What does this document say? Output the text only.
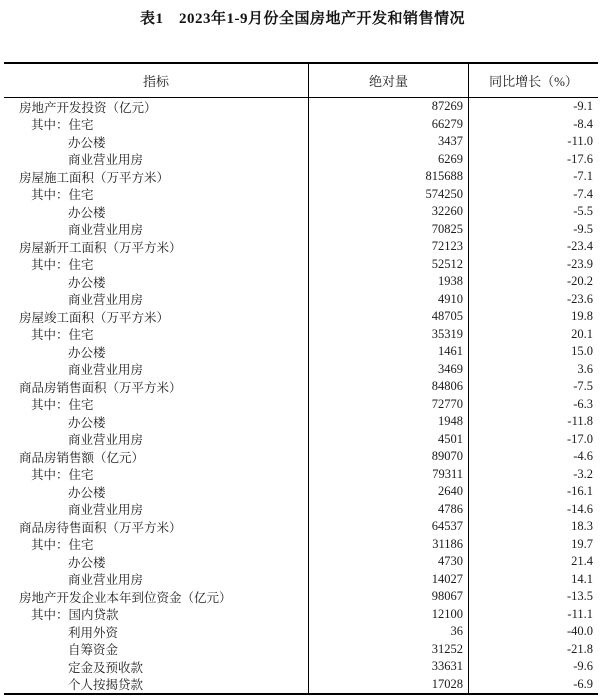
表1　2023年1-9月份全国房地产开发和销售情况
指标	绝对量	同比增长（%）
房地产开发投资（亿元）	87269	-9.1
其中：住宅	66279	-8.4
办公楼	3437	-11.0
商业营业用房	6269	-17.6
房屋施工面积（万平方米）	815688	-7.1
其中：住宅	574250	-7.4
办公楼	32260	-5.5
商业营业用房	70825	-9.5
房屋新开工面积（万平方米）	72123	-23.4
其中：住宅	52512	-23.9
办公楼	1938	-20.2
商业营业用房	4910	-23.6
房屋竣工面积（万平方米）	48705	19.8
其中：住宅	35319	20.1
办公楼	1461	15.0
商业营业用房	3469	3.6
商品房销售面积（万平方米）	84806	-7.5
其中：住宅	72770	-6.3
办公楼	1948	-11.8
商业营业用房	4501	-17.0
商品房销售额（亿元）	89070	-4.6
其中：住宅	79311	-3.2
办公楼	2640	-16.1
商业营业用房	4786	-14.6
商品房待售面积（万平方米）	64537	18.3
其中：住宅	31186	19.7
办公楼	4730	21.4
商业营业用房	14027	14.1
房地产开发企业本年到位资金（亿元）	98067	-13.5
其中：国内贷款	12100	-11.1
利用外资	36	-40.0
自筹资金	31252	-21.8
定金及预收款	33631	-9.6
个人按揭贷款	17028	-6.9
